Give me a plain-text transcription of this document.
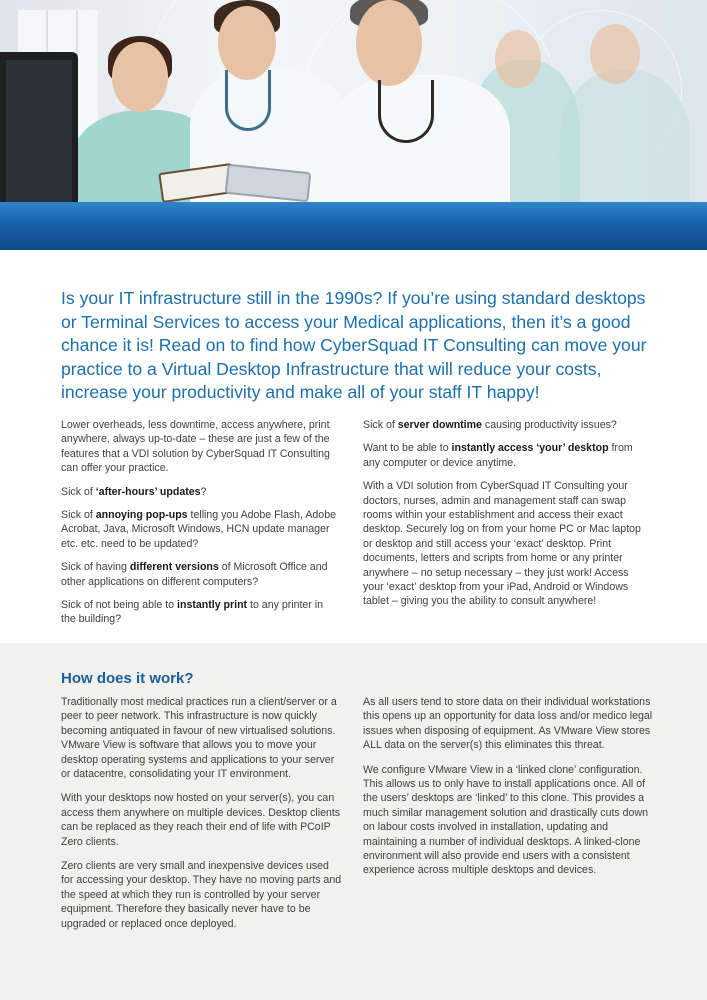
Is your IT infrastructure still in the 1990s? If you’re using standard desktops or Terminal Services to access your Medical applications, then it’s a good chance it is! Read on to find how CyberSquad IT Consulting can move your practice to a Virtual Desktop Infrastructure that will reduce your costs, increase your productivity and make all of your staff IT happy!

Lower overheads, less downtime, access anywhere, print anywhere, always up-to-date – these are just a few of the features that a VDI solution by CyberSquad IT Consulting can offer your practice.

Sick of ‘after-hours’ updates?

Sick of annoying pop-ups telling you Adobe Flash, Adobe Acrobat, Java, Microsoft Windows, HCN update manager etc. etc. need to be updated?

Sick of having different versions of Microsoft Office and other applications on different computers?

Sick of not being able to instantly print to any printer in the building?

Sick of server downtime causing productivity issues?

Want to be able to instantly access ‘your’ desktop from any computer or device anytime.

With a VDI solution from CyberSquad IT Consulting your doctors, nurses, admin and management staff can swap rooms within your establishment and access their exact desktop. Securely log on from your home PC or Mac laptop or desktop and still access your ‘exact’ desktop. Print documents, letters and scripts from home or any printer anywhere – no setup necessary – they just work! Access your ‘exact’ desktop from your iPad, Android or Windows tablet – giving you the ability to consult anywhere!

How does it work?

Traditionally most medical practices run a client/server or a peer to peer network. This infrastructure is now quickly becoming antiquated in favour of new virtualised solutions. VMware View is software that allows you to move your desktop operating systems and applications to your server or datacentre, consolidating your IT environment.

With your desktops now hosted on your server(s), you can access them anywhere on multiple devices. Desktop clients can be replaced as they reach their end of life with PCoIP Zero clients.

Zero clients are very small and inexpensive devices used for accessing your desktop. They have no moving parts and the speed at which they run is controlled by your server equipment. Therefore they basically never have to be upgraded or replaced once deployed.

As all users tend to store data on their individual workstations this opens up an opportunity for data loss and/or medico legal issues when disposing of equipment. As VMware View stores ALL data on the server(s) this eliminates this threat.

We configure VMware View in a ‘linked clone’ configuration. This allows us to only have to install applications once. All of the users’ desktops are ‘linked’ to this clone. This provides a much similar management solution and drastically cuts down on labour costs involved in installation, updating and maintaining a number of individual desktops. A linked-clone environment will also provide end users with a consistent experience across multiple desktops and devices.
